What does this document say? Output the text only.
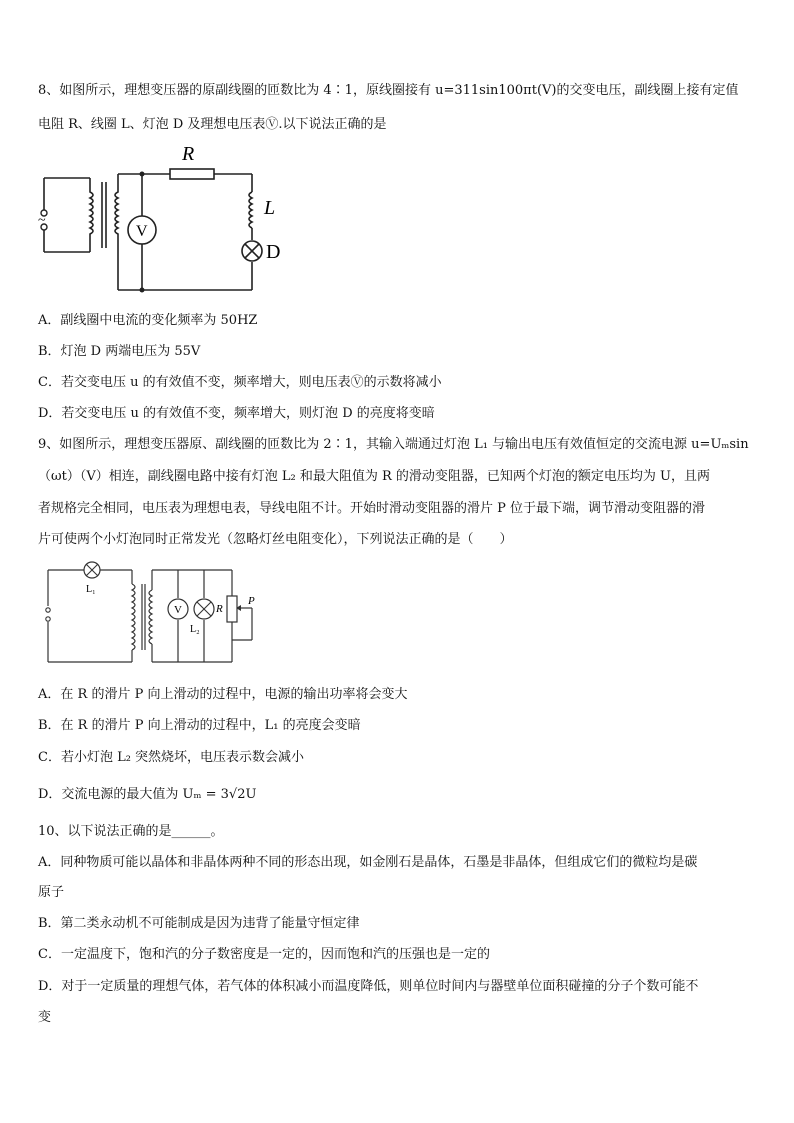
8、如图所示，理想变压器的原副线圈的匝数比为 4∶1，原线圈接有 u=311sin100πt(V)的交变电压，副线圈上接有定值
电阻 R、线圈 L、灯泡 D 及理想电压表Ⓥ.以下说法正确的是
~
V
R
L
D
A．副线圈中电流的变化频率为 50HZ
B．灯泡 D 两端电压为 55V
C．若交变电压 u 的有效值不变，频率增大，则电压表Ⓥ的示数将减小
D．若交变电压 u 的有效值不变，频率增大，则灯泡 D 的亮度将变暗
9、如图所示，理想变压器原、副线圈的匝数比为 2∶1，其输入端通过灯泡 L₁ 与输出电压有效值恒定的交流电源 u=Uₘsin
（ωt）（V）相连，副线圈电路中接有灯泡 L₂ 和最大阻值为 R 的滑动变阻器，已知两个灯泡的额定电压均为 U，且两
者规格完全相同，电压表为理想电表，导线电阻不计。开始时滑动变阻器的滑片 P 位于最下端，调节滑动变阻器的滑
片可使两个小灯泡同时正常发光（忽略灯丝电阻变化），下列说法正确的是（　　）
L₁
V
L₂
R
P
A．在 R 的滑片 P 向上滑动的过程中，电源的输出功率将会变大
B．在 R 的滑片 P 向上滑动的过程中，L₁ 的亮度会变暗
C．若小灯泡 L₂ 突然烧坏，电压表示数会减小
D．交流电源的最大值为 Uₘ = 3√2U
10、以下说法正确的是______。
A．同种物质可能以晶体和非晶体两种不同的形态出现，如金刚石是晶体，石墨是非晶体，但组成它们的微粒均是碳
原子
B．第二类永动机不可能制成是因为违背了能量守恒定律
C．一定温度下，饱和汽的分子数密度是一定的，因而饱和汽的压强也是一定的
D．对于一定质量的理想气体，若气体的体积减小而温度降低，则单位时间内与器壁单位面积碰撞的分子个数可能不
变
